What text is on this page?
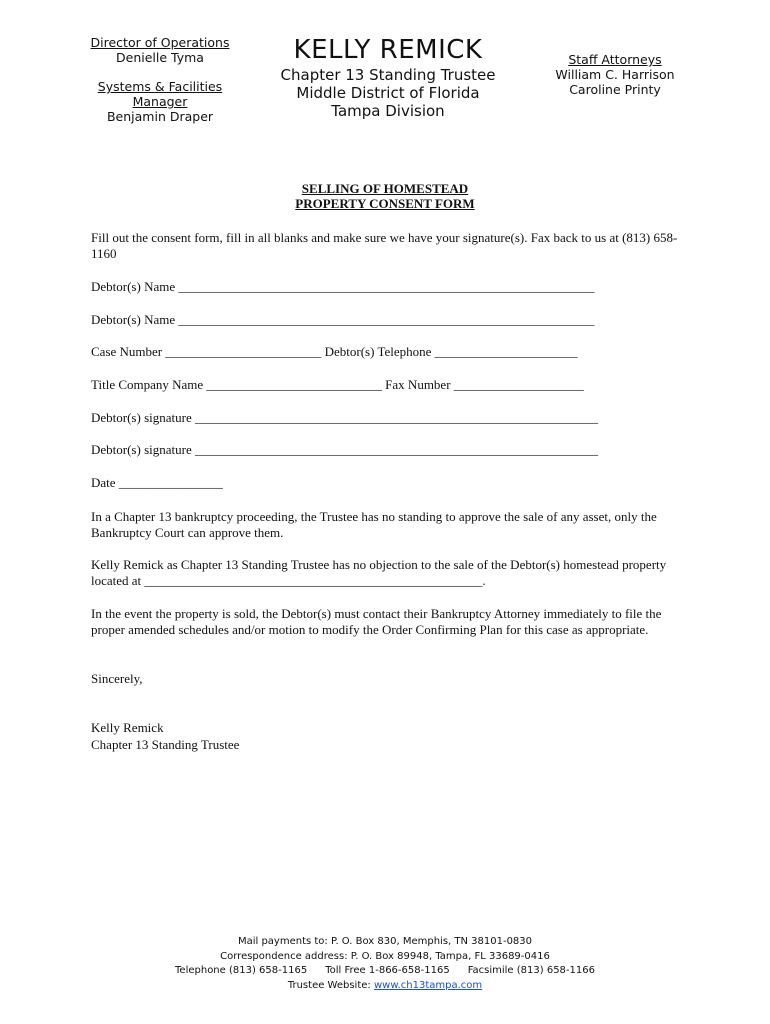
Director of Operations
Denielle Tyma
Systems & Facilities
Manager
Benjamin Draper
KELLY REMICK
Chapter 13 Standing Trustee
Middle District of Florida
Tampa Division
Staff Attorneys
William C. Harrison
Caroline Printy
SELLING OF HOMESTEAD
PROPERTY CONSENT FORM
Fill out the consent form, fill in all blanks and make sure we have your signature(s). Fax back to us at (813) 658-1160
Debtor(s) Name ________________________________________________________________
Debtor(s) Name ________________________________________________________________
Case Number ________________________ Debtor(s) Telephone ______________________
Title Company Name ___________________________ Fax Number ____________________
Debtor(s) signature ______________________________________________________________
Debtor(s) signature ______________________________________________________________
Date ________________
In a Chapter 13 bankruptcy proceeding, the Trustee has no standing to approve the sale of any asset, only the Bankruptcy Court can approve them.
Kelly Remick as Chapter 13 Standing Trustee has no objection to the sale of the Debtor(s) homestead property located at ____________________________________________________.
In the event the property is sold, the Debtor(s) must contact their Bankruptcy Attorney immediately to file the proper amended schedules and/or motion to modify the Order Confirming Plan for this case as appropriate.
Sincerely,
Kelly Remick
Chapter 13 Standing Trustee
Mail payments to: P. O. Box 830, Memphis, TN 38101-0830
Correspondence address: P. O. Box 89948, Tampa, FL 33689-0416
Telephone (813) 658-1165 Toll Free 1-866-658-1165 Facsimile (813) 658-1166
Trustee Website: www.ch13tampa.com
